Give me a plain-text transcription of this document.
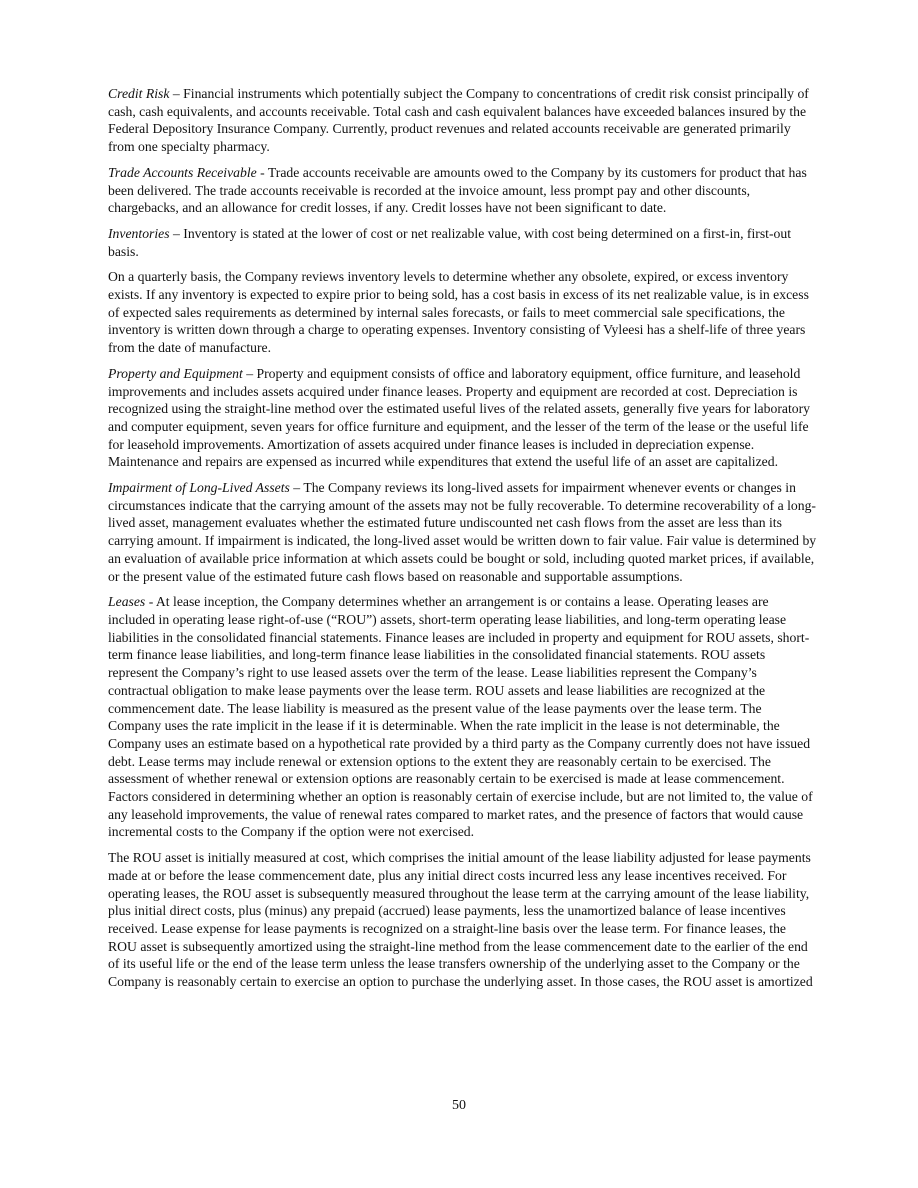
Credit Risk – Financial instruments which potentially subject the Company to concentrations of credit risk consist principally of cash, cash equivalents, and accounts receivable. Total cash and cash equivalent balances have exceeded balances insured by the Federal Depository Insurance Company. Currently, product revenues and related accounts receivable are generated primarily from one specialty pharmacy.

Trade Accounts Receivable - Trade accounts receivable are amounts owed to the Company by its customers for product that has been delivered. The trade accounts receivable is recorded at the invoice amount, less prompt pay and other discounts, chargebacks, and an allowance for credit losses, if any. Credit losses have not been significant to date.

Inventories – Inventory is stated at the lower of cost or net realizable value, with cost being determined on a first-in, first-out basis.

On a quarterly basis, the Company reviews inventory levels to determine whether any obsolete, expired, or excess inventory exists. If any inventory is expected to expire prior to being sold, has a cost basis in excess of its net realizable value, is in excess of expected sales requirements as determined by internal sales forecasts, or fails to meet commercial sale specifications, the inventory is written down through a charge to operating expenses. Inventory consisting of Vyleesi has a shelf-life of three years from the date of manufacture.

Property and Equipment – Property and equipment consists of office and laboratory equipment, office furniture, and leasehold improvements and includes assets acquired under finance leases. Property and equipment are recorded at cost. Depreciation is recognized using the straight-line method over the estimated useful lives of the related assets, generally five years for laboratory and computer equipment, seven years for office furniture and equipment, and the lesser of the term of the lease or the useful life for leasehold improvements. Amortization of assets acquired under finance leases is included in depreciation expense. Maintenance and repairs are expensed as incurred while expenditures that extend the useful life of an asset are capitalized.

Impairment of Long-Lived Assets – The Company reviews its long-lived assets for impairment whenever events or changes in circumstances indicate that the carrying amount of the assets may not be fully recoverable. To determine recoverability of a long-lived asset, management evaluates whether the estimated future undiscounted net cash flows from the asset are less than its carrying amount. If impairment is indicated, the long-lived asset would be written down to fair value. Fair value is determined by an evaluation of available price information at which assets could be bought or sold, including quoted market prices, if available, or the present value of the estimated future cash flows based on reasonable and supportable assumptions.

Leases - At lease inception, the Company determines whether an arrangement is or contains a lease. Operating leases are included in operating lease right-of-use (“ROU”) assets, short-term operating lease liabilities, and long-term operating lease liabilities in the consolidated financial statements. Finance leases are included in property and equipment for ROU assets, short-term finance lease liabilities, and long-term finance lease liabilities in the consolidated financial statements. ROU assets represent the Company’s right to use leased assets over the term of the lease. Lease liabilities represent the Company’s contractual obligation to make lease payments over the lease term. ROU assets and lease liabilities are recognized at the commencement date. The lease liability is measured as the present value of the lease payments over the lease term. The Company uses the rate implicit in the lease if it is determinable. When the rate implicit in the lease is not determinable, the Company uses an estimate based on a hypothetical rate provided by a third party as the Company currently does not have issued debt. Lease terms may include renewal or extension options to the extent they are reasonably certain to be exercised. The assessment of whether renewal or extension options are reasonably certain to be exercised is made at lease commencement. Factors considered in determining whether an option is reasonably certain of exercise include, but are not limited to, the value of any leasehold improvements, the value of renewal rates compared to market rates, and the presence of factors that would cause incremental costs to the Company if the option were not exercised.

The ROU asset is initially measured at cost, which comprises the initial amount of the lease liability adjusted for lease payments made at or before the lease commencement date, plus any initial direct costs incurred less any lease incentives received. For operating leases, the ROU asset is subsequently measured throughout the lease term at the carrying amount of the lease liability, plus initial direct costs, plus (minus) any prepaid (accrued) lease payments, less the unamortized balance of lease incentives received. Lease expense for lease payments is recognized on a straight-line basis over the lease term. For finance leases, the ROU asset is subsequently amortized using the straight-line method from the lease commencement date to the earlier of the end of its useful life or the end of the lease term unless the lease transfers ownership of the underlying asset to the Company or the Company is reasonably certain to exercise an option to purchase the underlying asset. In those cases, the ROU asset is amortized

50
